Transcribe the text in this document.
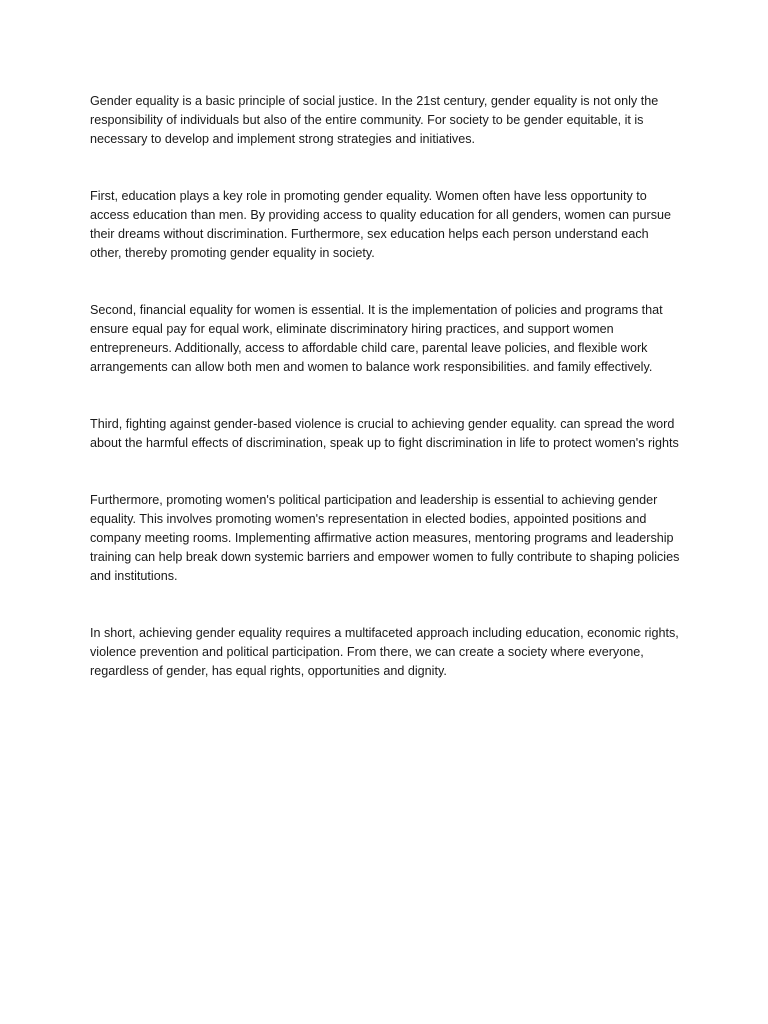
Gender equality is a basic principle of social justice. In the 21st century, gender equality is not only the responsibility of individuals but also of the entire community. For society to be gender equitable, it is necessary to develop and implement strong strategies and initiatives.

First, education plays a key role in promoting gender equality. Women often have less opportunity to access education than men. By providing access to quality education for all genders, women can pursue their dreams without discrimination. Furthermore, sex education helps each person understand each other, thereby promoting gender equality in society.

Second, financial equality for women is essential. It is the implementation of policies and programs that ensure equal pay for equal work, eliminate discriminatory hiring practices, and support women entrepreneurs. Additionally, access to affordable child care, parental leave policies, and flexible work arrangements can allow both men and women to balance work responsibilities. and family effectively.

Third, fighting against gender-based violence is crucial to achieving gender equality. can spread the word about the harmful effects of discrimination, speak up to fight discrimination in life to protect women's rights

Furthermore, promoting women's political participation and leadership is essential to achieving gender equality. This involves promoting women's representation in elected bodies, appointed positions and company meeting rooms. Implementing affirmative action measures, mentoring programs and leadership training can help break down systemic barriers and empower women to fully contribute to shaping policies and institutions.

In short, achieving gender equality requires a multifaceted approach including education, economic rights, violence prevention and political participation. From there, we can create a society where everyone, regardless of gender, has equal rights, opportunities and dignity.
